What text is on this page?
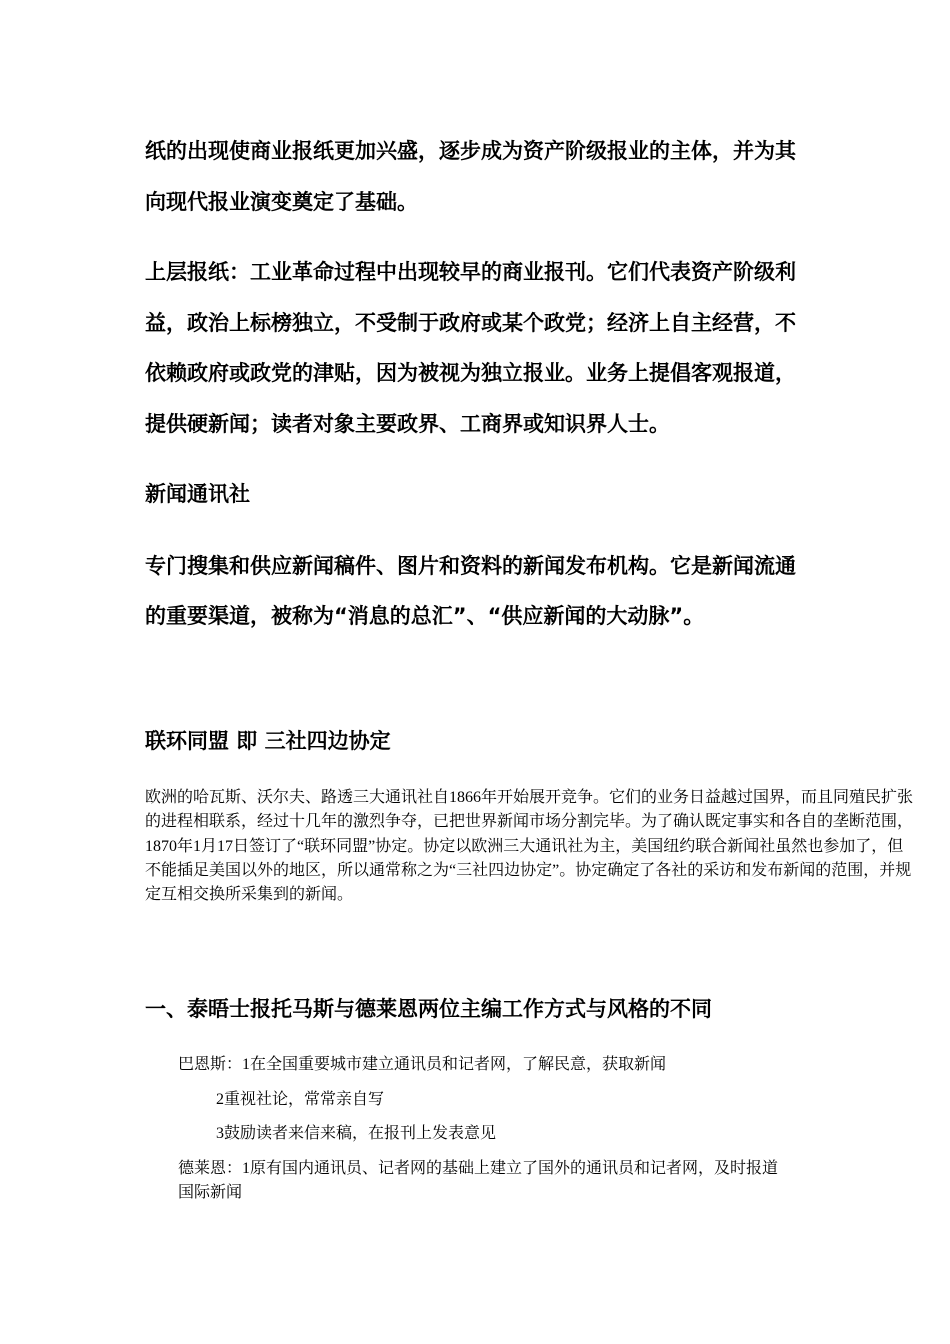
纸的出现使商业报纸更加兴盛，逐步成为资产阶级报业的主体，并为其

向现代报业演变奠定了基础。

上层报纸：工业革命过程中出现较早的商业报刊。它们代表资产阶级利

益，政治上标榜独立，不受制于政府或某个政党；经济上自主经营，不

依赖政府或政党的津贴，因为被视为独立报业。业务上提倡客观报道，

提供硬新闻；读者对象主要政界、工商界或知识界人士。

新闻通讯社

专门搜集和供应新闻稿件、图片和资料的新闻发布机构。它是新闻流通

的重要渠道，被称为“消息的总汇”、“供应新闻的大动脉”。

联环同盟 即 三社四边协定

欧洲的哈瓦斯、沃尔夫、路透三大通讯社自1866年开始展开竞争。它们的业务日益越过国界，而且同殖民扩张的进程相联系，经过十几年的激烈争夺，已把世界新闻市场分割完毕。为了确认既定事实和各自的垄断范围，1870年1月17日签订了“联环同盟”协定。协定以欧洲三大通讯社为主，美国纽约联合新闻社虽然也参加了，但不能插足美国以外的地区，所以通常称之为“三社四边协定”。协定确定了各社的采访和发布新闻的范围，并规定互相交换所采集到的新闻。

一、泰晤士报托马斯与德莱恩两位主编工作方式与风格的不同

巴恩斯：1在全国重要城市建立通讯员和记者网，了解民意，获取新闻

2重视社论，常常亲自写

3鼓励读者来信来稿，在报刊上发表意见

德莱恩：1原有国内通讯员、记者网的基础上建立了国外的通讯员和记者网，及时报道

国际新闻
